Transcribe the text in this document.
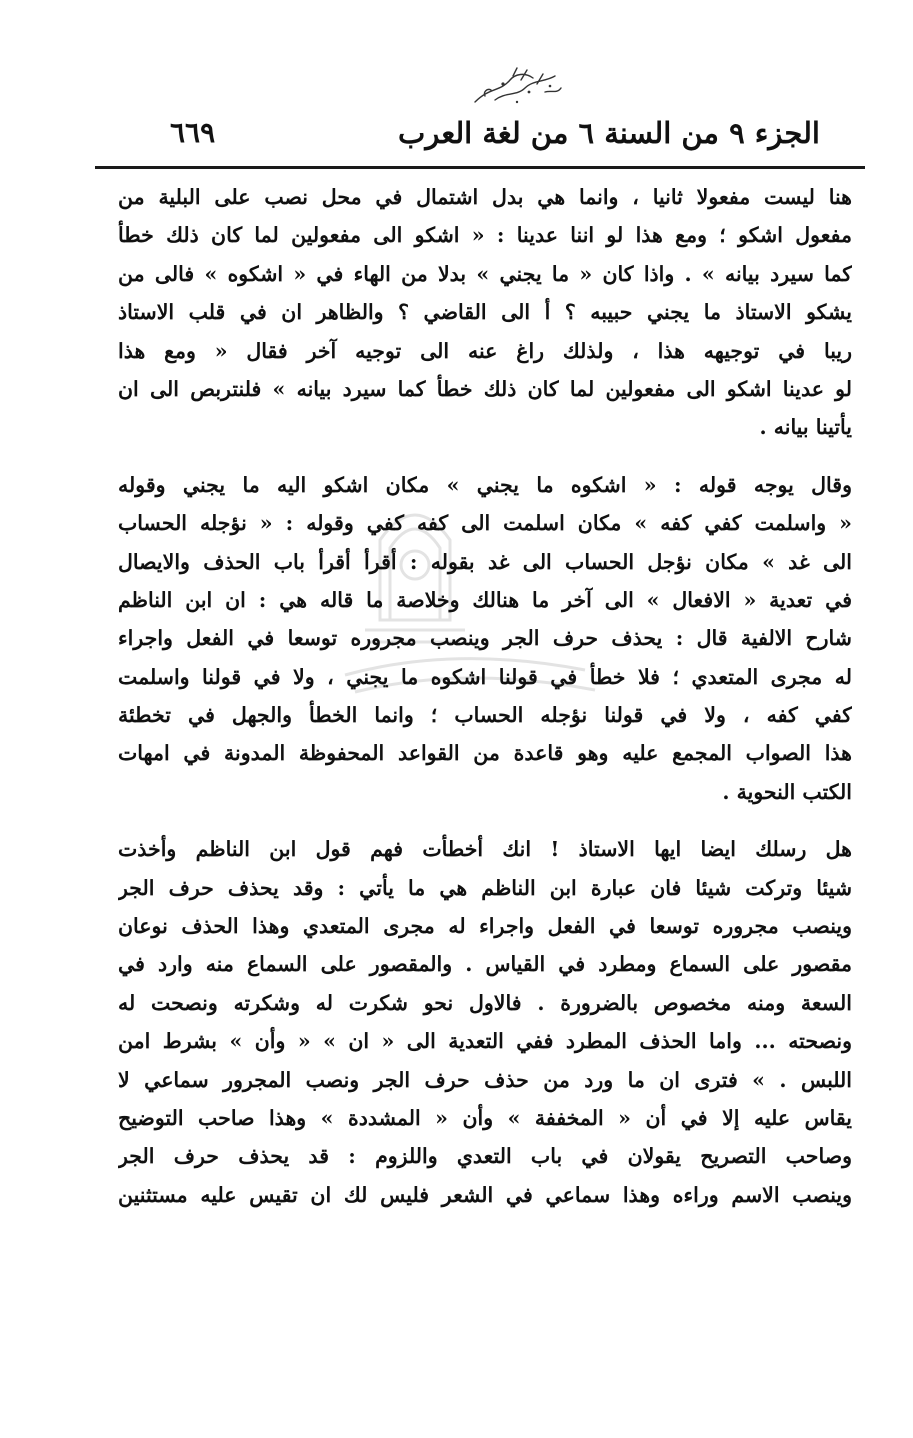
الجزء ٩ من السنة ٦ من لغة العرب
٦٦٩
هنا ليست مفعولا ثانيا ، وانما هي بدل اشتمال في محل نصب على البلية من
مفعول اشكو ؛ ومع هذا لو اننا عدينا : « اشكو الى مفعولين لما كان ذلك خطأ
كما سيرد بيانه » . واذا كان « ما يجني » بدلا من الهاء في « اشكوه » فالى من
يشكو الاستاذ ما يجني حبيبه ؟ أ الى القاضي ؟ والظاهر ان في قلب الاستاذ
ريبا في توجيهه هذا ، ولذلك راغ عنه الى توجيه آخر فقال « ومع هذا
لو عدينا اشكو الى مفعولين لما كان ذلك خطأ كما سيرد بيانه » فلنتربص الى ان
يأتينا بيانه .
وقال يوجه قوله : « اشكوه ما يجني » مكان اشكو اليه ما يجني وقوله
« واسلمت كفي كفه » مكان اسلمت الى كفه كفي وقوله : « نؤجله الحساب
الى غد » مكان نؤجل الحساب الى غد بقوله : أقرأ أقرأ باب الحذف والايصال
في تعدية « الافعال » الى آخر ما هنالك وخلاصة ما قاله هي : ان ابن الناظم
شارح الالفية قال : يحذف حرف الجر وينصب مجروره توسعا في الفعل واجراء
له مجرى المتعدي ؛ فلا خطأ في قولنا اشكوه ما يجني ، ولا في قولنا واسلمت
كفي كفه ، ولا في قولنا نؤجله الحساب ؛ وانما الخطأ والجهل في تخطئة
هذا الصواب المجمع عليه وهو قاعدة من القواعد المحفوظة المدونة في امهات
الكتب النحوية .
هل رسلك ايضا ايها الاستاذ ! انك أخطأت فهم قول ابن الناظم وأخذت
شيئا وتركت شيئا فان عبارة ابن الناظم هي ما يأتي : وقد يحذف حرف الجر
وينصب مجروره توسعا في الفعل واجراء له مجرى المتعدي وهذا الحذف نوعان
مقصور على السماع ومطرد في القياس . والمقصور على السماع منه وارد في
السعة ومنه مخصوص بالضرورة . فالاول نحو شكرت له وشكرته ونصحت له
ونصحته ... واما الحذف المطرد ففي التعدية الى « ان » « وأن » بشرط امن
اللبس . » فترى ان ما ورد من حذف حرف الجر ونصب المجرور سماعي لا
يقاس عليه إلا في أن « المخففة » وأن « المشددة » وهذا صاحب التوضيح
وصاحب التصريح يقولان في باب التعدي واللزوم : قد يحذف حرف الجر
وينصب الاسم وراءه وهذا سماعي في الشعر فليس لك ان تقيس عليه مستثنين
